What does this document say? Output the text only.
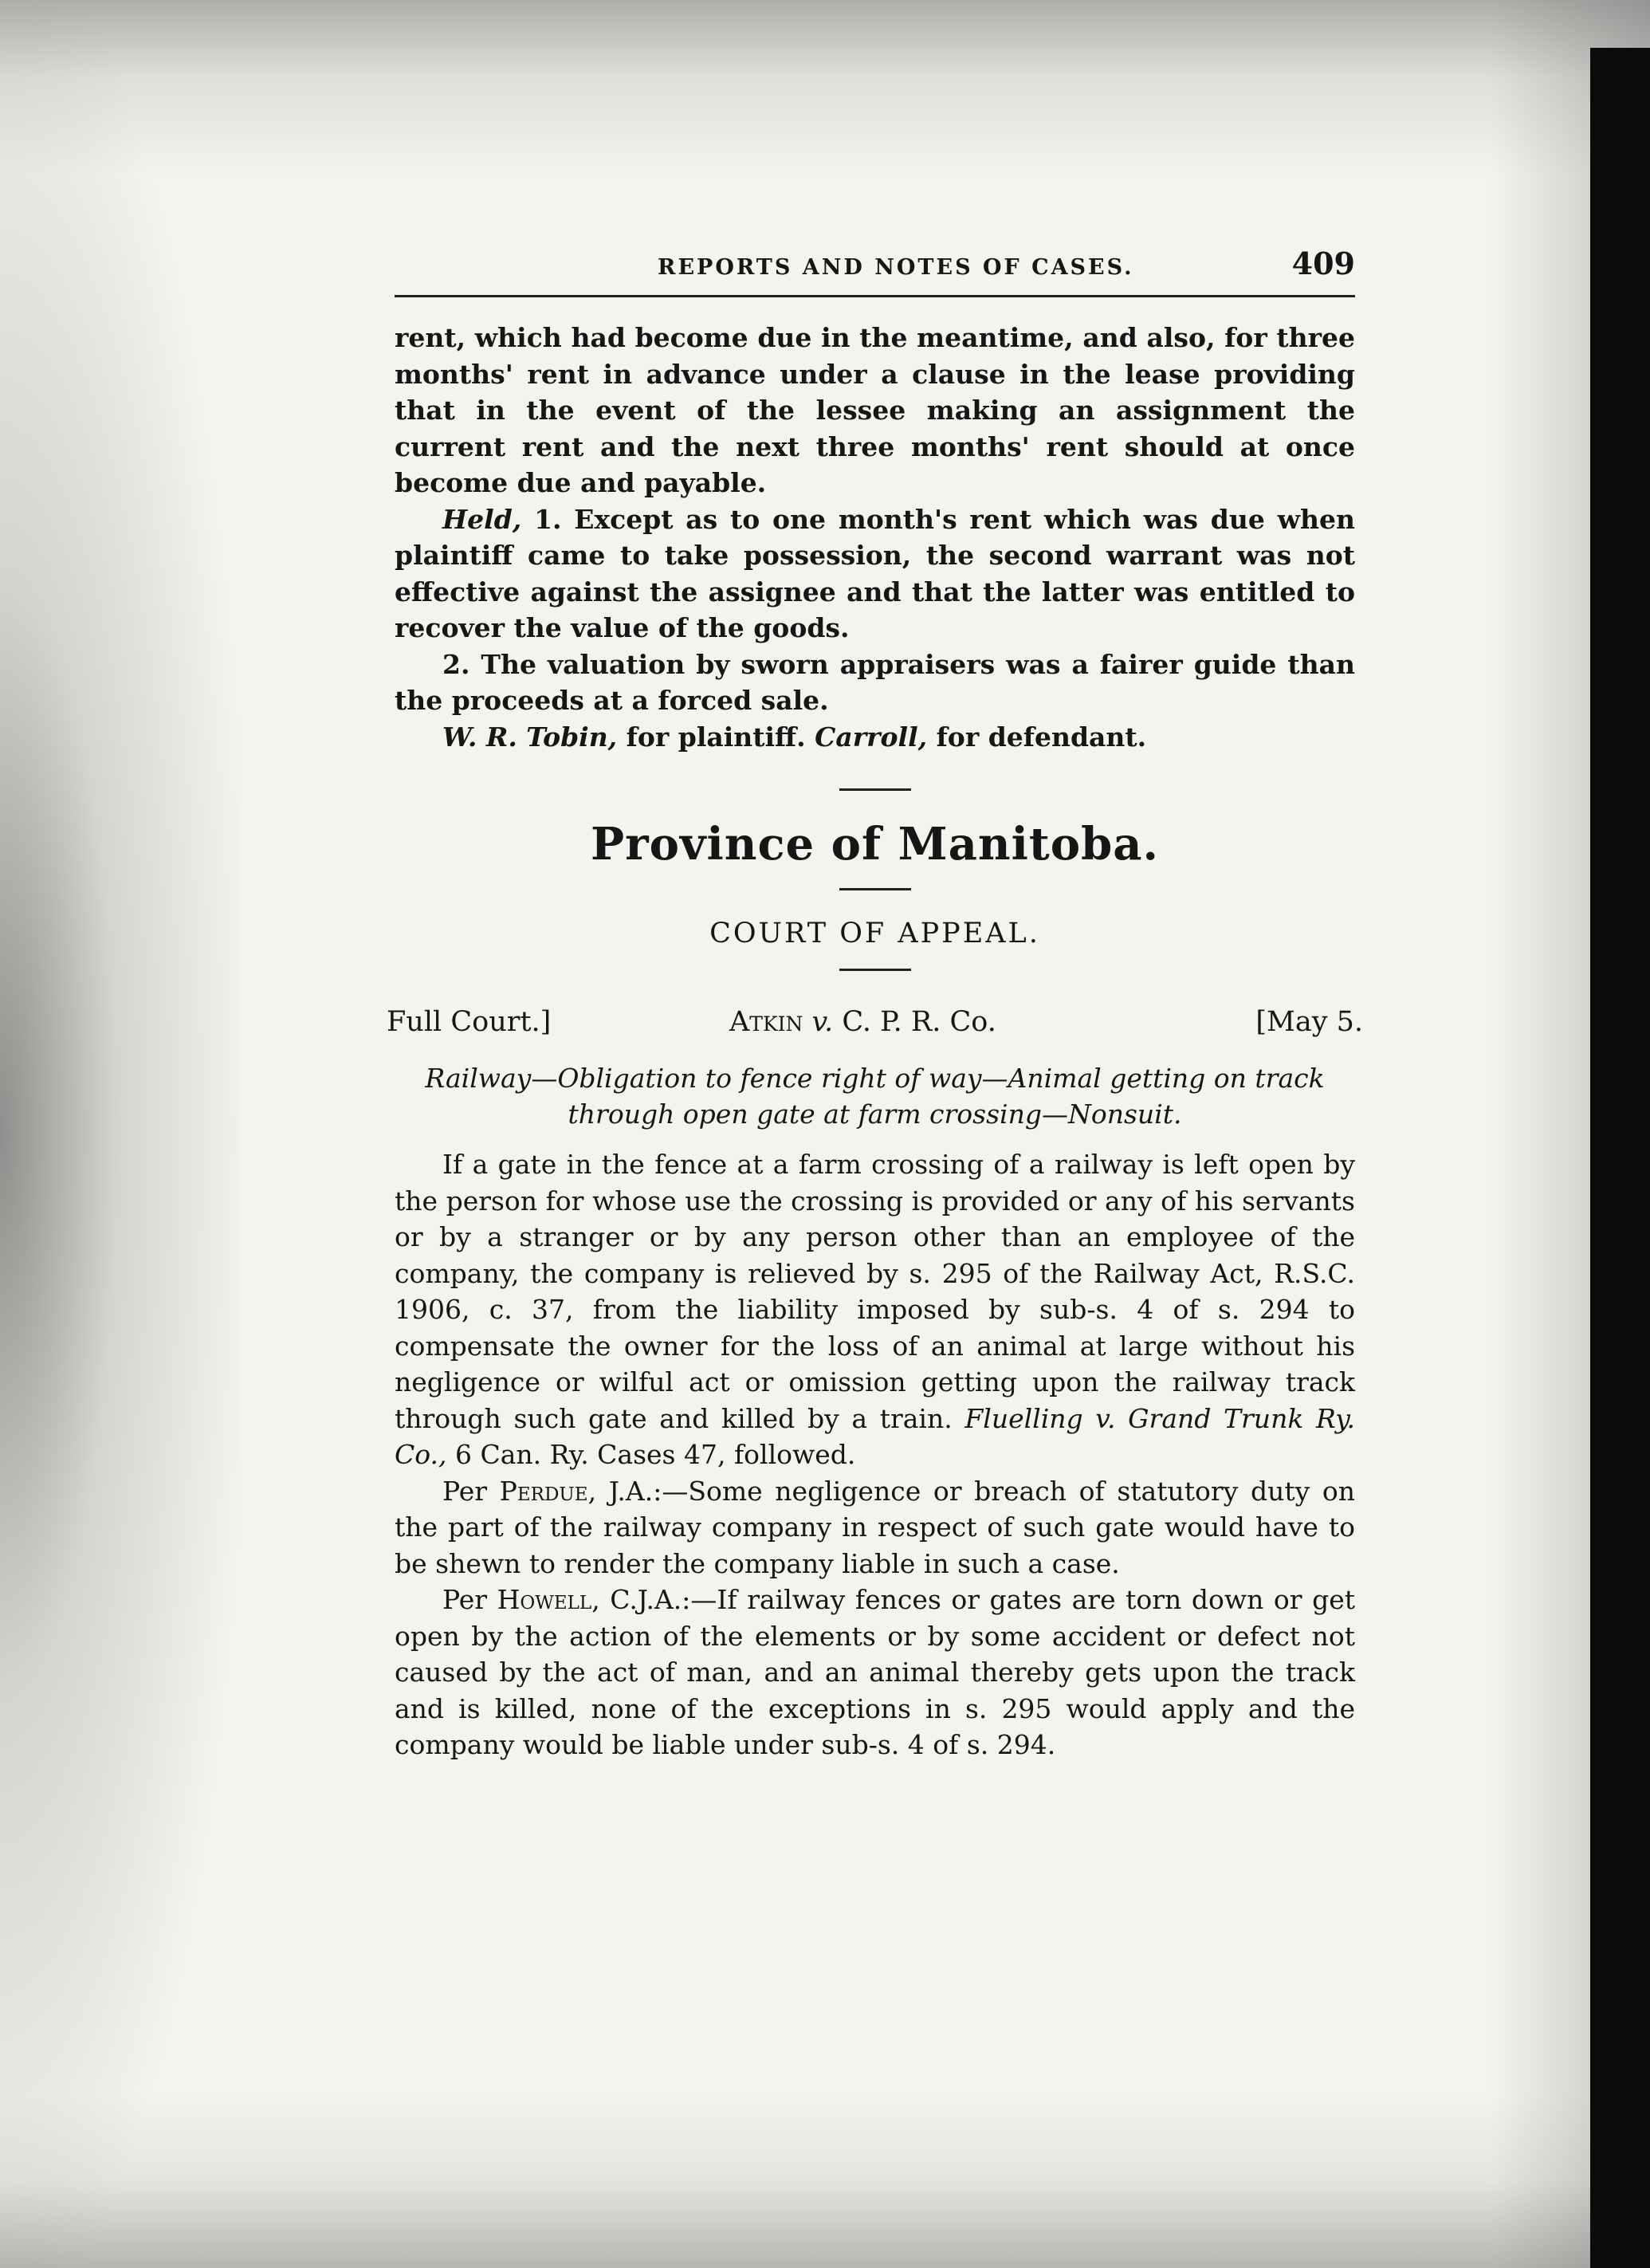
REPORTS AND NOTES OF CASES.	409

rent, which had become due in the meantime, and also, for three months' rent in advance under a clause in the lease providing that in the event of the lessee making an assignment the current rent and the next three months' rent should at once become due and payable.

Held, 1. Except as to one month's rent which was due when plaintiff came to take possession, the second warrant was not effective against the assignee and that the latter was entitled to recover the value of the goods.

2. The valuation by sworn appraisers was a fairer guide than the proceeds at a forced sale.

W. R. Tobin, for plaintiff. Carroll, for defendant.

Province of Manitoba.
COURT OF APPEAL.
Full Court.]	Atkin v. C. P. R. Co.	[May 5.
Railway—Obligation to fence right of way—Animal getting on track through open gate at farm crossing—Nonsuit.

If a gate in the fence at a farm crossing of a railway is left open by the person for whose use the crossing is provided or any of his servants or by a stranger or by any person other than an employee of the company, the company is relieved by s. 295 of the Railway Act, R.S.C. 1906, c. 37, from the liability imposed by sub-s. 4 of s. 294 to compensate the owner for the loss of an animal at large without his negligence or wilful act or omission getting upon the railway track through such gate and killed by a train. Fluelling v. Grand Trunk Ry. Co., 6 Can. Ry. Cases 47, followed.

Per Perdue, J.A.:—Some negligence or breach of statutory duty on the part of the railway company in respect of such gate would have to be shewn to render the company liable in such a case.

Per Howell, C.J.A.:—If railway fences or gates are torn down or get open by the action of the elements or by some accident or defect not caused by the act of man, and an animal thereby gets upon the track and is killed, none of the exceptions in s. 295 would apply and the company would be liable under sub-s. 4 of s. 294.
